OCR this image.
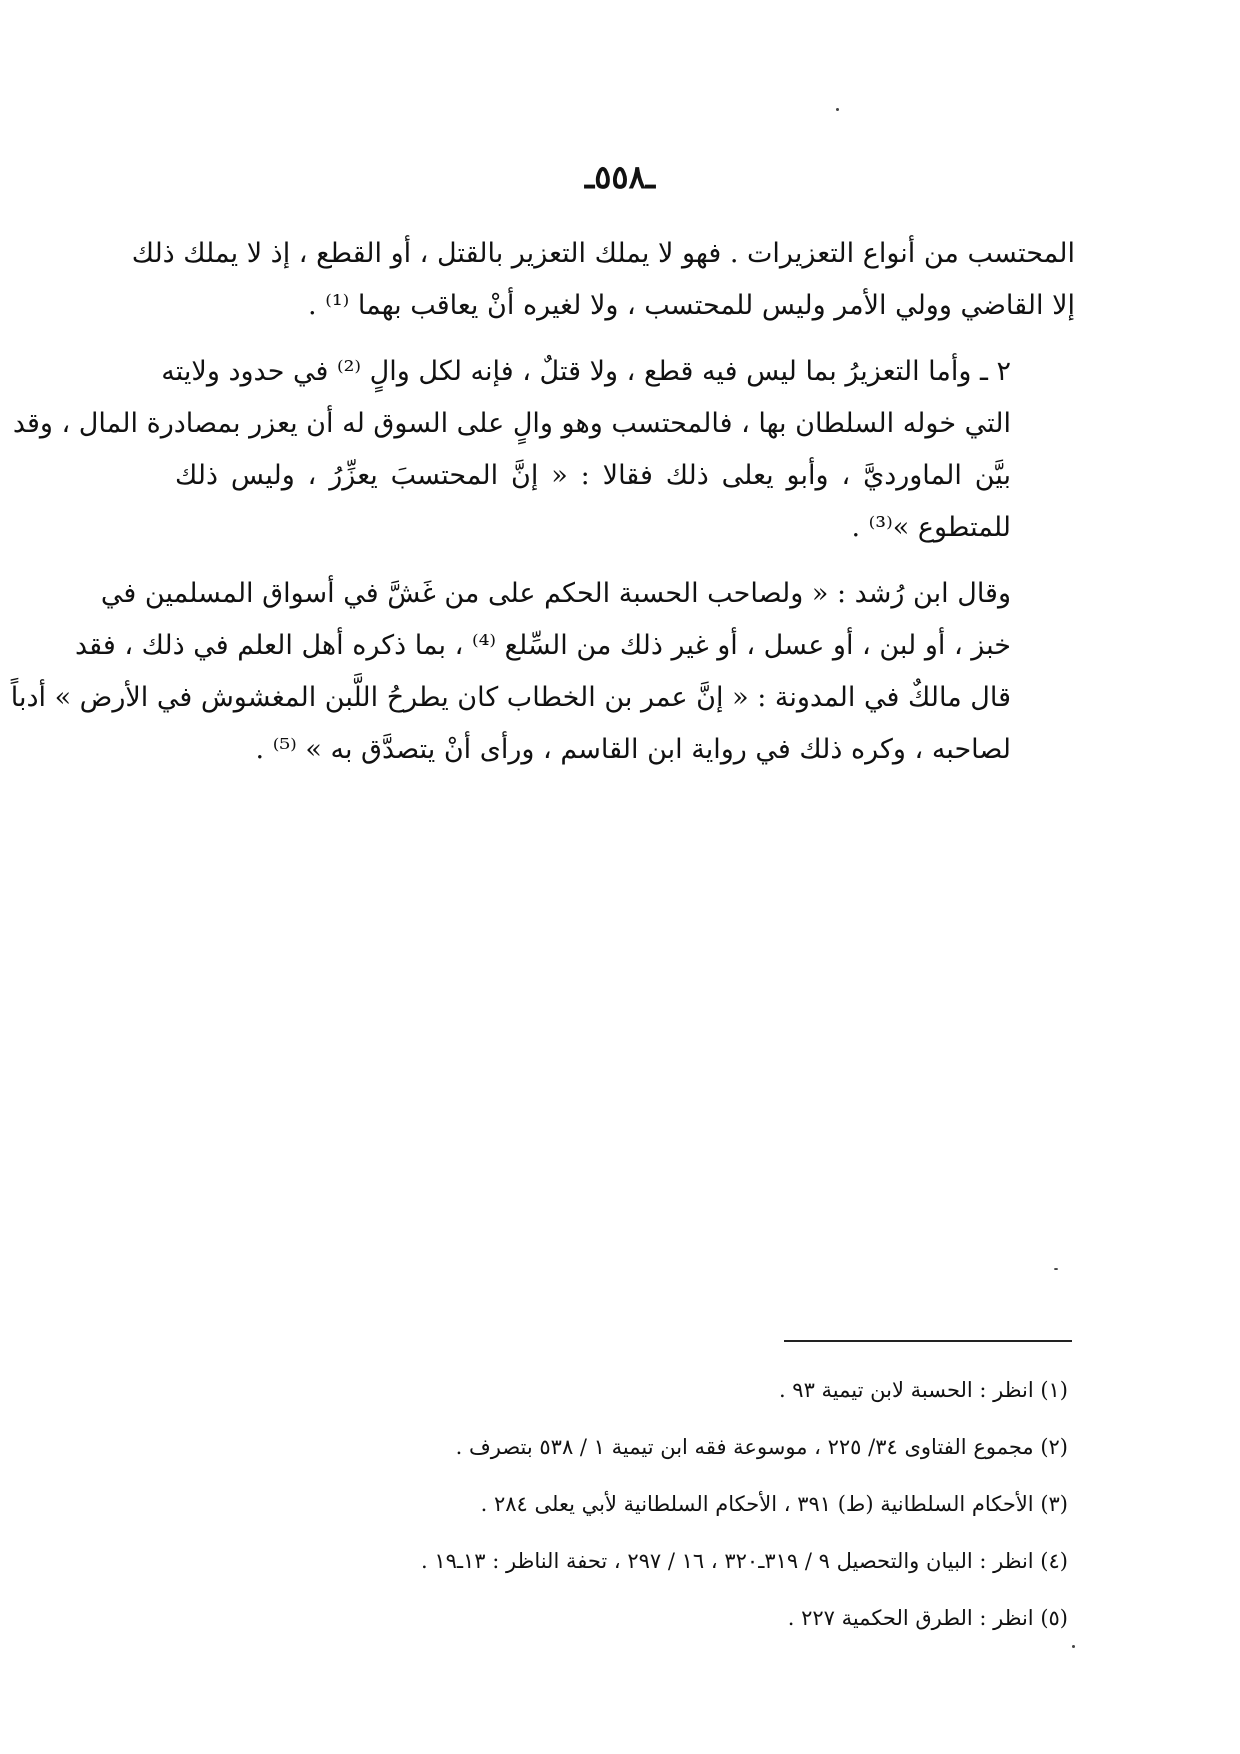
ـ٥٥٨ـ

المحتسب من أنواع التعزيرات . فهو لا يملك التعزير بالقتل ، أو القطع ، إذ لا يملك ذلك
إلا القاضي وولي الأمر وليس للمحتسب ، ولا لغيره أنْ يعاقب بهما ⁽¹⁾ .

٢ ـ وأما التعزيرُ بما ليس فيه قطع ، ولا قتلٌ ، فإنه لكل والٍ ⁽²⁾ في حدود ولايته
التي خوله السلطان بها ، فالمحتسب وهو والٍ على السوق له أن يعزر بمصادرة المال ، وقد
بيَّن الماورديَّ ، وأبو يعلى ذلك فقالا : « إنَّ المحتسبَ يعزِّرُ ، وليس ذلك
للمتطوع »⁽³⁾ .

وقال ابن رُشد : « ولصاحب الحسبة الحكم على من غَشَّ في أسواق المسلمين في
خبز ، أو لبن ، أو عسل ، أو غير ذلك من السِّلع ⁽⁴⁾ ، بما ذكره أهل العلم في ذلك ، فقد
قال مالكٌ في المدونة : « إنَّ عمر بن الخطاب كان يطرحُ اللَّبن المغشوش في الأرض » أدباً
لصاحبه ، وكره ذلك في رواية ابن القاسم ، ورأى أنْ يتصدَّق به » ⁽⁵⁾ .

(١) انظر : الحسبة لابن تيمية ٩٣ .
(٢) مجموع الفتاوى ٣٤/ ٢٢٥ ، موسوعة فقه ابن تيمية ١ / ٥٣٨ بتصرف .
(٣) الأحكام السلطانية (ط) ٣٩١ ، الأحكام السلطانية لأبي يعلى ٢٨٤ .
(٤) انظر : البيان والتحصيل ٩ / ٣١٩ـ٣٢٠ ، ١٦ / ٢٩٧ ، تحفة الناظر : ١٣ـ١٩ .
(٥) انظر : الطرق الحكمية ٢٢٧ .
